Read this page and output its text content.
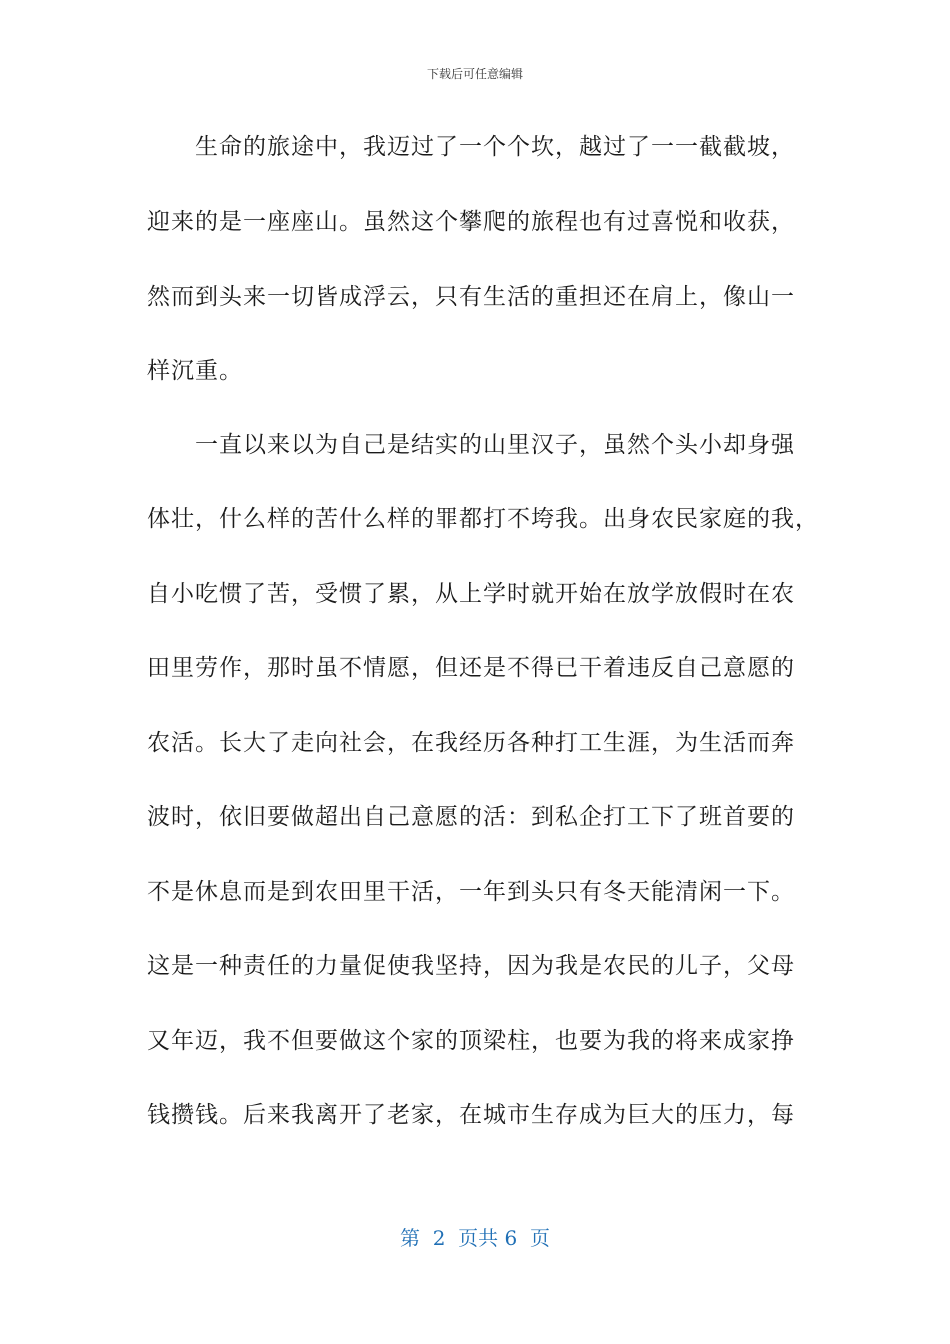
下载后可任意编辑
　　生命的旅途中，我迈过了一个个坎，越过了一一截截坡，
迎来的是一座座山。虽然这个攀爬的旅程也有过喜悦和收获，
然而到头来一切皆成浮云，只有生活的重担还在肩上，像山一
样沉重。
　　一直以来以为自己是结实的山里汉子，虽然个头小却身强
体壮，什么样的苦什么样的罪都打不垮我。出身农民家庭的我，
自小吃惯了苦，受惯了累，从上学时就开始在放学放假时在农
田里劳作，那时虽不情愿，但还是不得已干着违反自己意愿的
农活。长大了走向社会，在我经历各种打工生涯，为生活而奔
波时，依旧要做超出自己意愿的活：到私企打工下了班首要的
不是休息而是到农田里干活，一年到头只有冬天能清闲一下。
这是一种责任的力量促使我坚持，因为我是农民的儿子，父母
又年迈，我不但要做这个家的顶梁柱，也要为我的将来成家挣
钱攒钱。后来我离开了老家，在城市生存成为巨大的压力，每
第  2  页共 6  页
